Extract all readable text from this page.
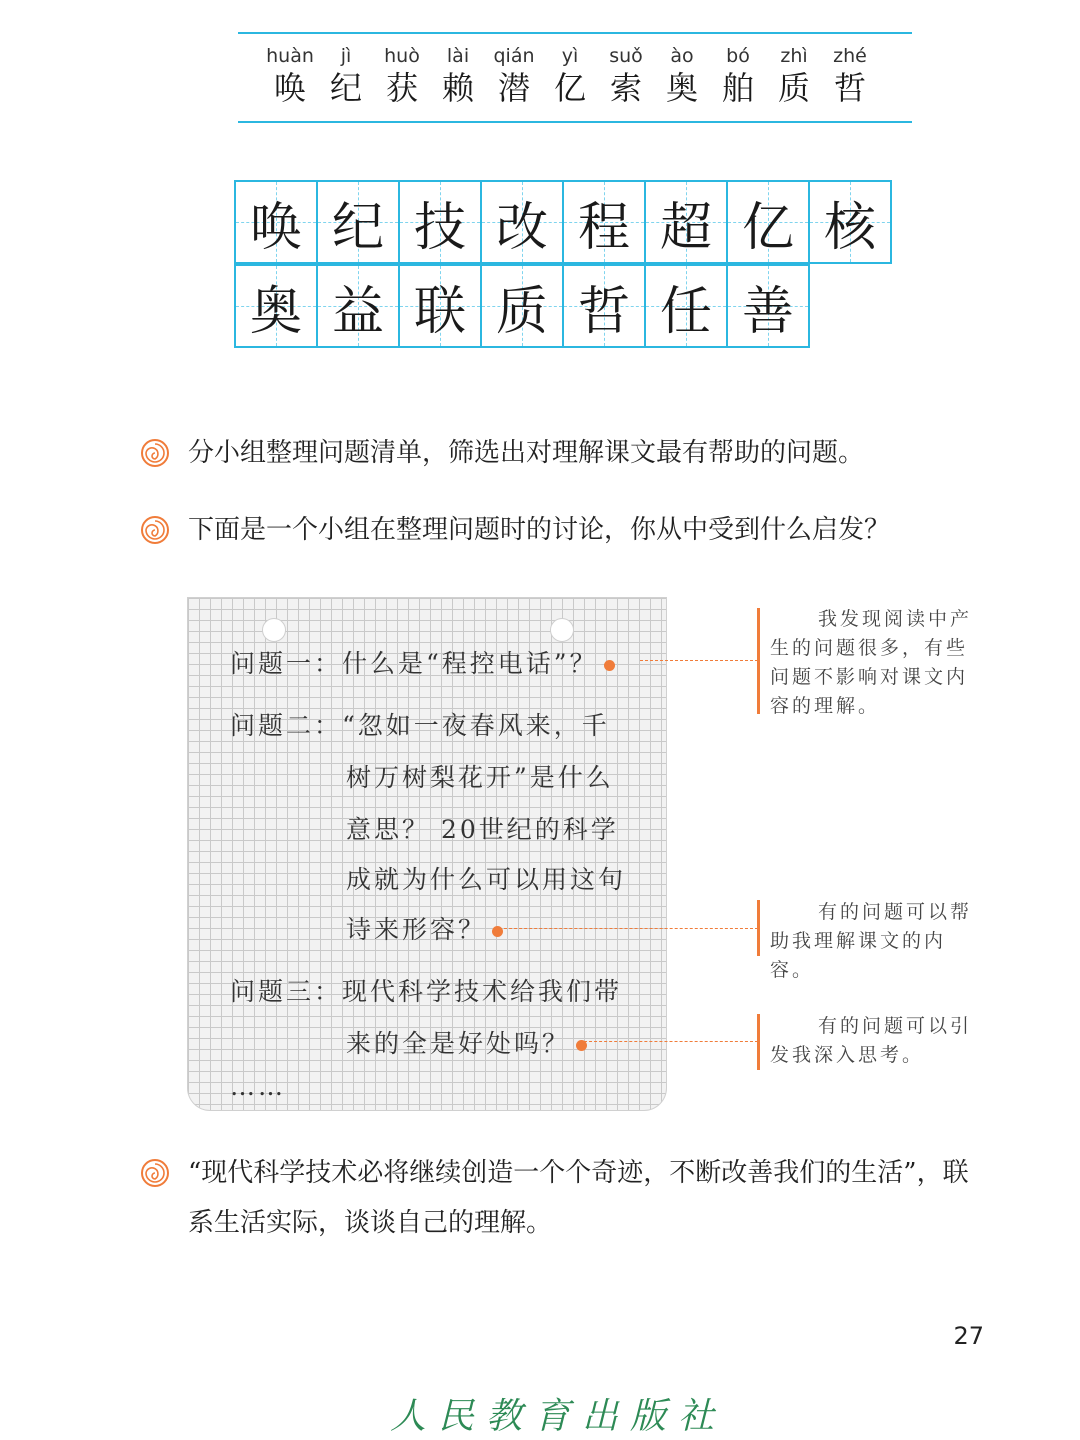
huàn
唤
jì
纪
huò
获
lài
赖
qián
潜
yì
亿
suǒ
索
ào
奥
bó
舶
zhì
质
zhé
哲
唤 纪 技 改 程 超 亿 核
奥 益 联 质 哲 任 善
分小组整理问题清单，筛选出对理解课文最有帮助的问题。
下面是一个小组在整理问题时的讨论，你从中受到什么启发？
问题一：什么是“程控电话”？
问题二：“忽如一夜春风来，千
树万树梨花开”是什么
意思？ 20世纪的科学
成就为什么可以用这句
诗来形容？
问题三：现代科学技术给我们带
来的全是好处吗？
……
我发现阅读中产生的问题很多，有些问题不影响对课文内容的理解。
有的问题可以帮助我理解课文的内容。
有的问题可以引发我深入思考。
“现代科学技术必将继续创造一个个奇迹，不断改善我们的生活”，联系生活实际，谈谈自己的理解。
27
人民教育出版社
